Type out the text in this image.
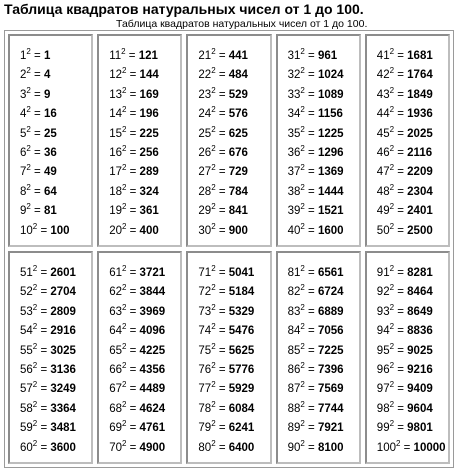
Таблица квадратов натуральных чисел от 1 до 100.
Таблица квадратов натуральных чисел от 1 до 100.
$1^2 = 1$
$2^2 = 4$
$3^2 = 9$
$4^2 = 16$
$5^2 = 25$
$6^2 = 36$
$7^2 = 49$
$8^2 = 64$
$9^2 = 81$
$10^2 = 100$
$11^2 = 121$
$12^2 = 144$
$13^2 = 169$
$14^2 = 196$
$15^2 = 225$
$16^2 = 256$
$17^2 = 289$
$18^2 = 324$
$19^2 = 361$
$20^2 = 400$
$21^2 = 441$
$22^2 = 484$
$23^2 = 529$
$24^2 = 576$
$25^2 = 625$
$26^2 = 676$
$27^2 = 729$
$28^2 = 784$
$29^2 = 841$
$30^2 = 900$
$31^2 = 961$
$32^2 = 1024$
$33^2 = 1089$
$34^2 = 1156$
$35^2 = 1225$
$36^2 = 1296$
$37^2 = 1369$
$38^2 = 1444$
$39^2 = 1521$
$40^2 = 1600$
$41^2 = 1681$
$42^2 = 1764$
$43^2 = 1849$
$44^2 = 1936$
$45^2 = 2025$
$46^2 = 2116$
$47^2 = 2209$
$48^2 = 2304$
$49^2 = 2401$
$50^2 = 2500$
$51^2 = 2601$
$52^2 = 2704$
$53^2 = 2809$
$54^2 = 2916$
$55^2 = 3025$
$56^2 = 3136$
$57^2 = 3249$
$58^2 = 3364$
$59^2 = 3481$
$60^2 = 3600$
$61^2 = 3721$
$62^2 = 3844$
$63^2 = 3969$
$64^2 = 4096$
$65^2 = 4225$
$66^2 = 4356$
$67^2 = 4489$
$68^2 = 4624$
$69^2 = 4761$
$70^2 = 4900$
$71^2 = 5041$
$72^2 = 5184$
$73^2 = 5329$
$74^2 = 5476$
$75^2 = 5625$
$76^2 = 5776$
$77^2 = 5929$
$78^2 = 6084$
$79^2 = 6241$
$80^2 = 6400$
$81^2 = 6561$
$82^2 = 6724$
$83^2 = 6889$
$84^2 = 7056$
$85^2 = 7225$
$86^2 = 7396$
$87^2 = 7569$
$88^2 = 7744$
$89^2 = 7921$
$90^2 = 8100$
$91^2 = 8281$
$92^2 = 8464$
$93^2 = 8649$
$94^2 = 8836$
$95^2 = 9025$
$96^2 = 9216$
$97^2 = 9409$
$98^2 = 9604$
$99^2 = 9801$
$100^2 = 10000$
